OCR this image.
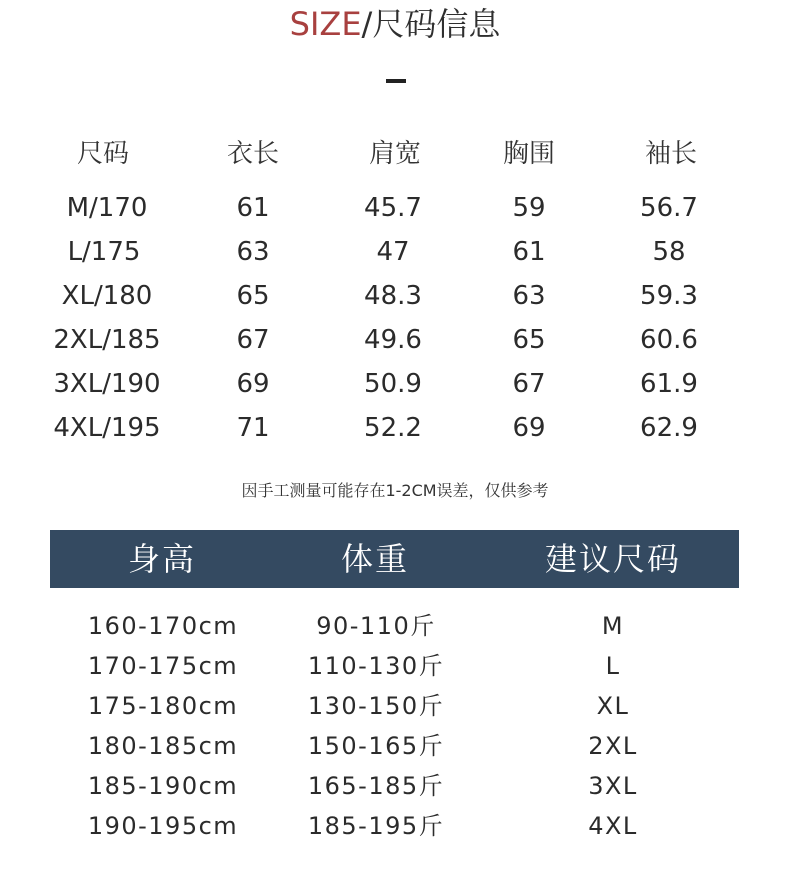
SIZE/尺码信息
尺码	衣长	肩宽	胸围	袖长
M/170	61	45.7	59	56.7
L/175	63	47	61	58
XL/180	65	48.3	63	59.3
2XL/185	67	49.6	65	60.6
3XL/190	69	50.9	67	61.9
4XL/195	71	52.2	69	62.9
因手工测量可能存在1-2CM误差，仅供参考
身高	体重	建议尺码
160-170cm	90-110斤	M
170-175cm	110-130斤	L
175-180cm	130-150斤	XL
180-185cm	150-165斤	2XL
185-190cm	165-185斤	3XL
190-195cm	185-195斤	4XL
